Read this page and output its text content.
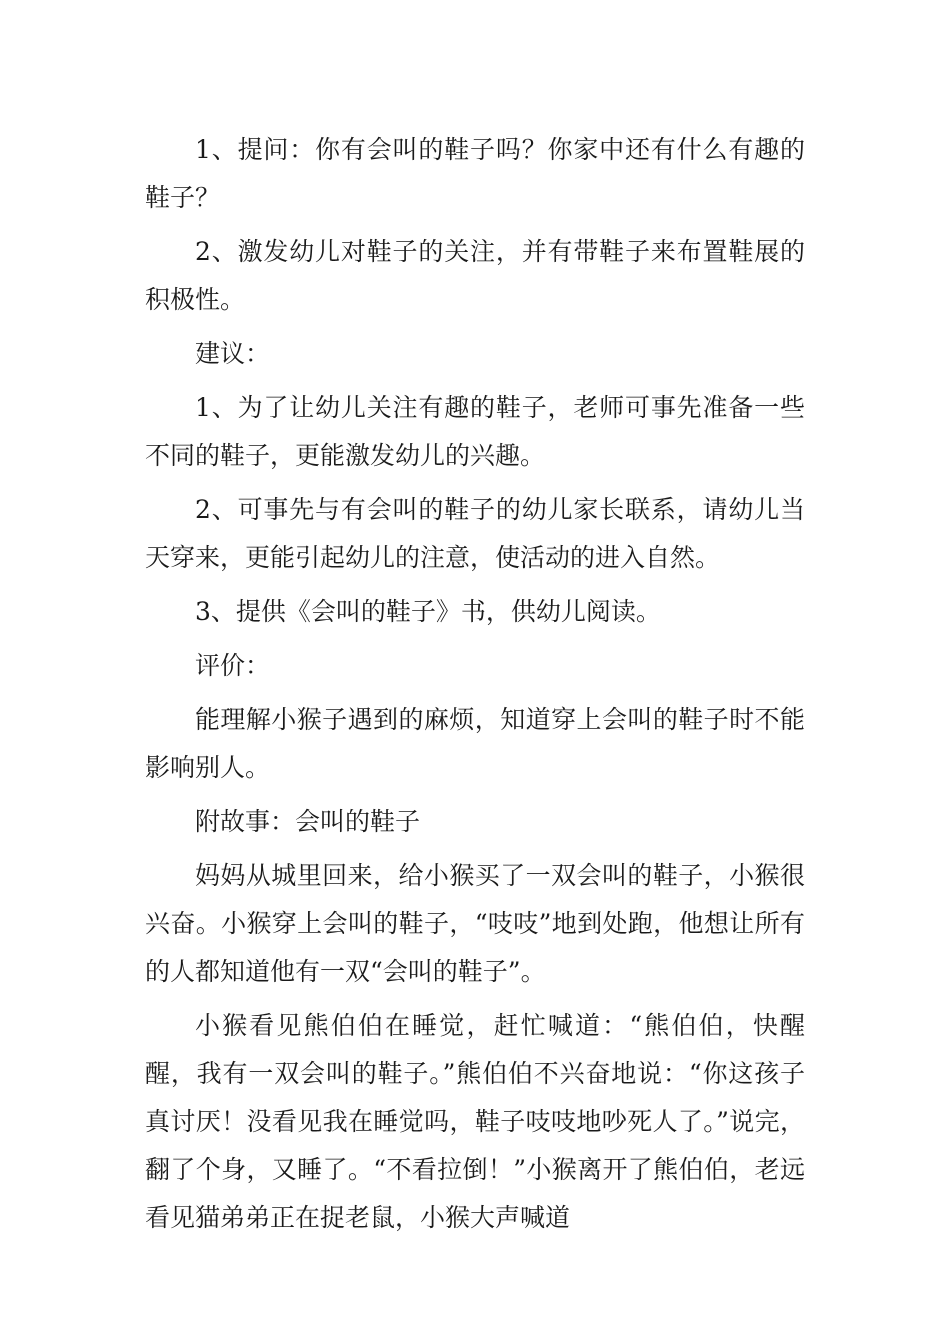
1、提问：你有会叫的鞋子吗？你家中还有什么有趣的鞋子？

2、激发幼儿对鞋子的关注，并有带鞋子来布置鞋展的积极性。

建议：

1、为了让幼儿关注有趣的鞋子，老师可事先准备一些不同的鞋子，更能激发幼儿的兴趣。

2、可事先与有会叫的鞋子的幼儿家长联系，请幼儿当天穿来，更能引起幼儿的注意，使活动的进入自然。

3、提供《会叫的鞋子》书，供幼儿阅读。

评价：

能理解小猴子遇到的麻烦，知道穿上会叫的鞋子时不能影响别人。

附故事：会叫的鞋子

妈妈从城里回来，给小猴买了一双会叫的鞋子，小猴很兴奋。小猴穿上会叫的鞋子，“吱吱”地到处跑，他想让所有的人都知道他有一双“会叫的鞋子”。

小猴看见熊伯伯在睡觉，赶忙喊道：“熊伯伯，快醒醒，我有一双会叫的鞋子。”熊伯伯不兴奋地说：“你这孩子真讨厌！没看见我在睡觉吗，鞋子吱吱地吵死人了。”说完，翻了个身，又睡了。“不看拉倒！”小猴离开了熊伯伯，老远看见猫弟弟正在捉老鼠，小猴大声喊道
